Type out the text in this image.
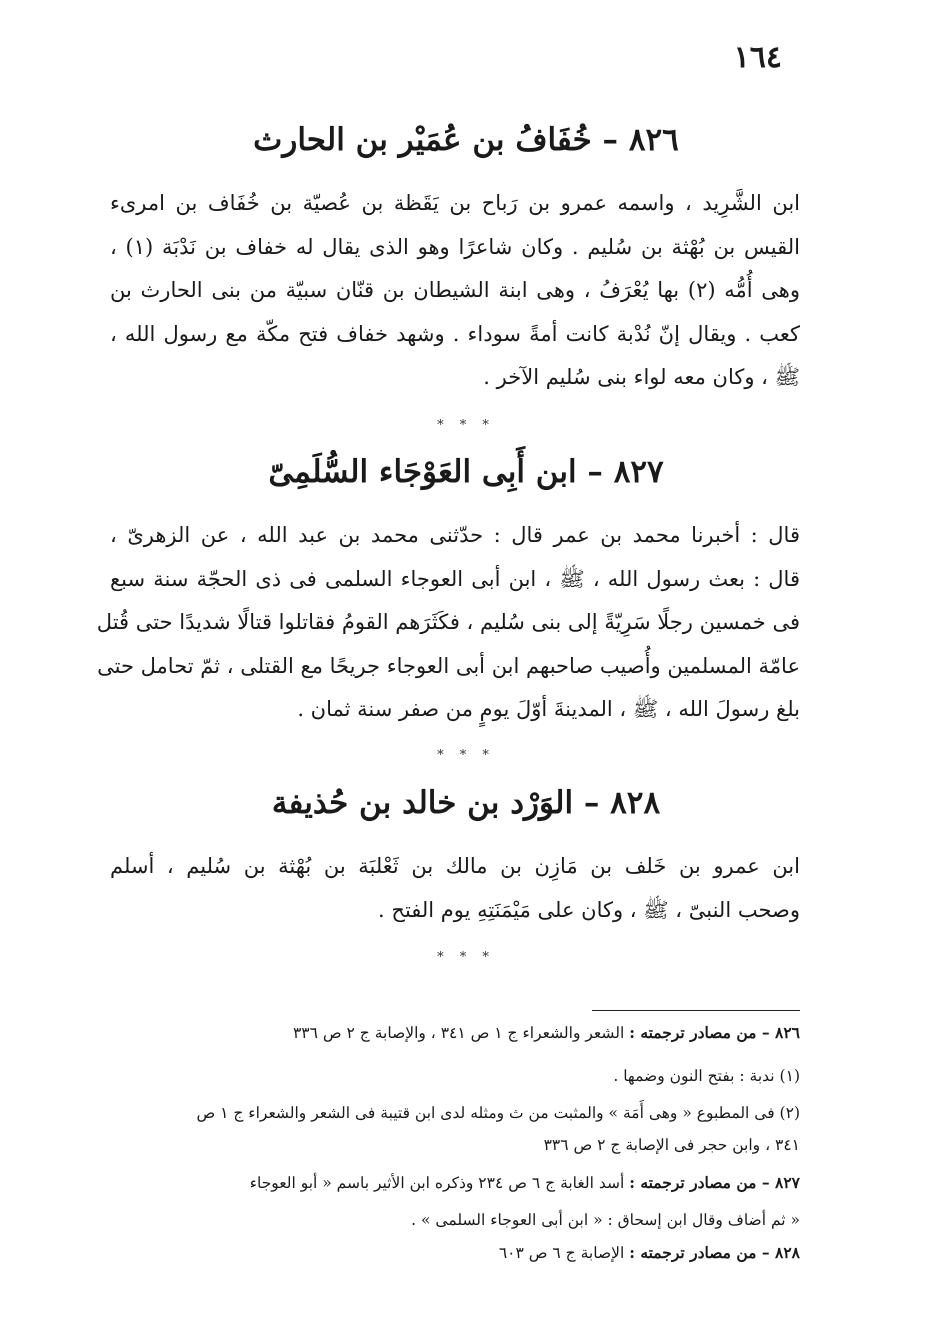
١٦٤
٨٢٦ – خُفَافُ بن عُمَيْر بن الحارث
ابن الشَّرِيد ، واسمه عمرو بن رَباح بن يَقَظة بن عُصيّة بن خُفَاف بن امرىء
القيس بن بُهْثة بن سُليم . وكان شاعرًا وهو الذى يقال له خفاف بن نَدْبَة (١) ،
وهى أُمُّه (٢) بها يُعْرَفُ ، وهى ابنة الشيطان بن قنّان سبيّة من بنى الحارث بن
كعب . ويقال إنّ نُدْبة كانت أمةً سوداء . وشهد خفاف فتح مكّة مع رسول الله ،
ﷺ ، وكان معه لواء بنى سُليم الآخر .
* * *
٨٢٧ – ابن أَبِى العَوْجَاء السُّلَمِىّ
قال : أخبرنا محمد بن عمر قال : حدّثنى محمد بن عبد الله ، عن الزهرىّ ،
قال : بعث رسول الله ، ﷺ ، ابن أبى العوجاء السلمى فى ذى الحجّة سنة سبع
فى خمسين رجلًا سَرِيّةً إلى بنى سُليم ، فكَثَرَهم القومُ فقاتلوا قتالًا شديدًا حتى قُتل
عامّة المسلمين وأُصيب صاحبهم ابن أبى العوجاء جريحًا مع القتلى ، ثمّ تحامل حتى
بلغ رسولَ الله ، ﷺ ، المدينةَ أوّلَ يومٍ من صفر سنة ثمان .
* * *
٨٢٨ – الوَرْد بن خالد بن حُذيفة
ابن عمرو بن خَلف بن مَازِن بن مالك بن ثَعْلبَة بن بُهْثة بن سُليم ، أسلم
وصحب النبىّ ، ﷺ ، وكان على مَيْمَنَتِهِ يوم الفتح .
* * *
٨٢٦ – من مصادر ترجمته : الشعر والشعراء ج ١ ص ٣٤١ ، والإصابة ج ٢ ص ٣٣٦
(١) ندبة : بفتح النون وضمها .
(٢) فى المطبوع « وهى أَمَة » والمثبت من ث ومثله لدى ابن قتيبة فى الشعر والشعراء ج ١ ص
٣٤١ ، وابن حجر فى الإصابة ج ٢ ص ٣٣٦
٨٢٧ – من مصادر ترجمته : أسد الغابة ج ٦ ص ٢٣٤ وذكره ابن الأثير باسم « أبو العوجاء
« ثم أضاف وقال ابن إسحاق : « ابن أبى العوجاء السلمى » .
٨٢٨ – من مصادر ترجمته : الإصابة ج ٦ ص ٦٠٣
